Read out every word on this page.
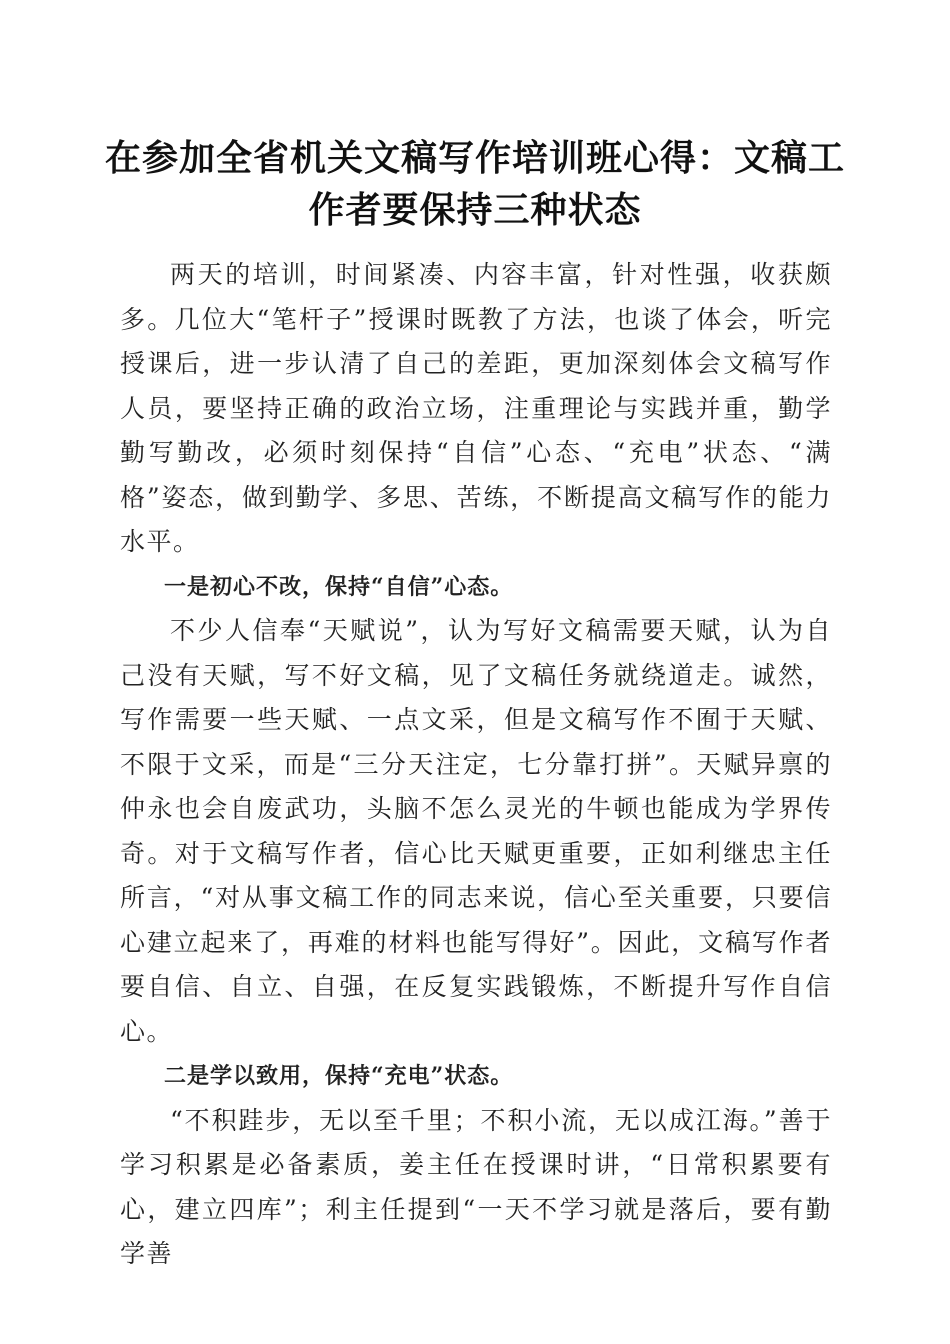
在参加全省机关文稿写作培训班心得：文稿工
作者要保持三种状态

两天的培训，时间紧凑、内容丰富，针对性强，收获颇多。几位大“笔杆子”授课时既教了方法，也谈了体会，听完授课后，进一步认清了自己的差距，更加深刻体会文稿写作人员，要坚持正确的政治立场，注重理论与实践并重，勤学勤写勤改，必须时刻保持“自信”心态、“充电”状态、“满格”姿态，做到勤学、多思、苦练，不断提高文稿写作的能力水平。

一是初心不改，保持“自信”心态。

不少人信奉“天赋说”，认为写好文稿需要天赋，认为自己没有天赋，写不好文稿，见了文稿任务就绕道走。诚然，写作需要一些天赋、一点文采，但是文稿写作不囿于天赋、不限于文采，而是“三分天注定，七分靠打拼”。天赋异禀的仲永也会自废武功，头脑不怎么灵光的牛顿也能成为学界传奇。对于文稿写作者，信心比天赋更重要，正如利继忠主任所言，“对从事文稿工作的同志来说，信心至关重要，只要信心建立起来了，再难的材料也能写得好”。因此，文稿写作者要自信、自立、自强，在反复实践锻炼，不断提升写作自信心。

二是学以致用，保持“充电”状态。

“不积跬步，无以至千里；不积小流，无以成江海。”善于学习积累是必备素质，姜主任在授课时讲，“日常积累要有心，建立四库”；利主任提到“一天不学习就是落后，要有勤学善
